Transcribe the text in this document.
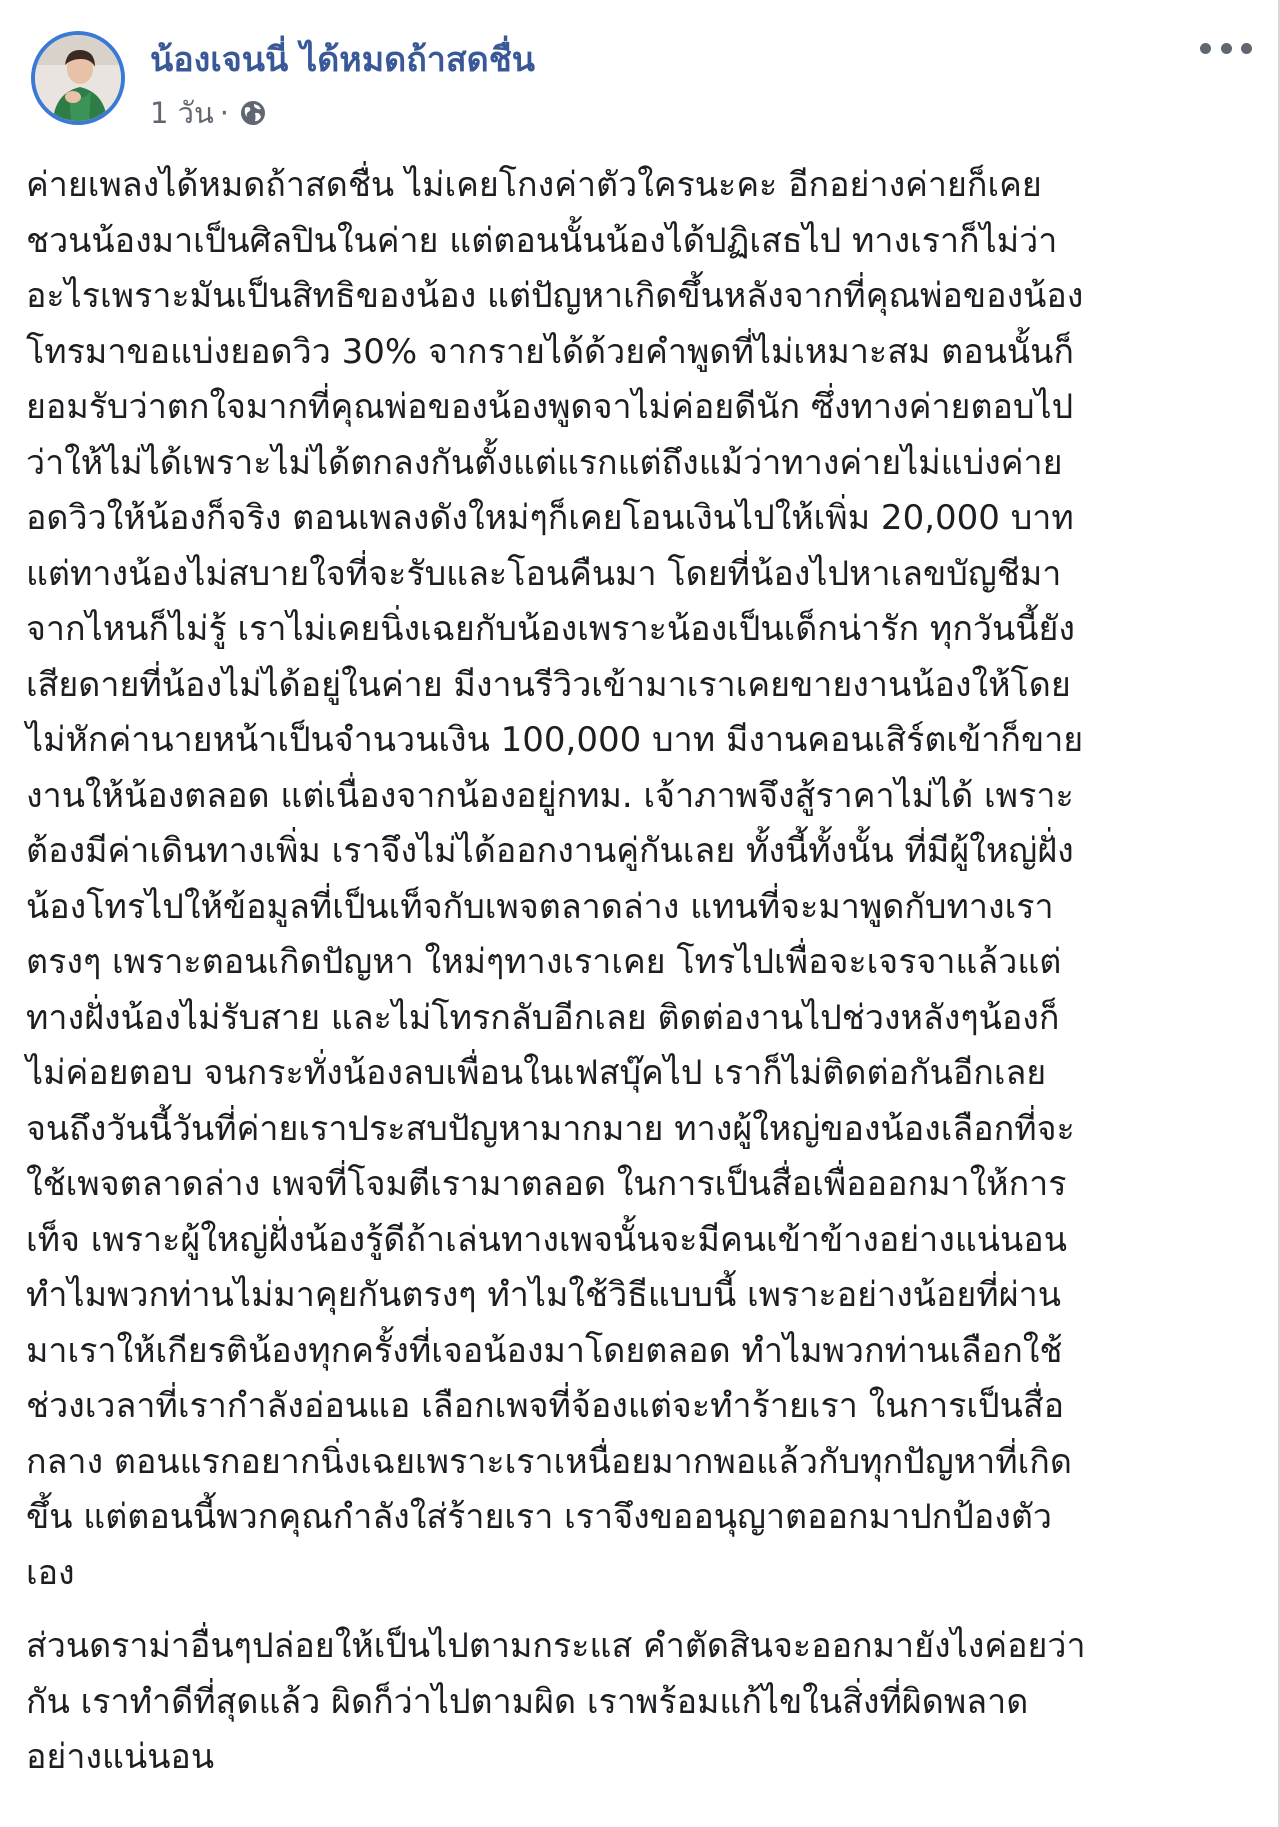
น้องเจนนี่ ได้หมดถ้าสดชื่น
1 วัน ·
ค่ายเพลงได้หมดถ้าสดชื่น ไม่เคยโกงค่าตัวใครนะคะ อีกอย่างค่ายก็เคย
ชวนน้องมาเป็นศิลปินในค่าย แต่ตอนนั้นน้องได้ปฏิเสธไป ทางเราก็ไม่ว่า
อะไรเพราะมันเป็นสิทธิของน้อง แต่ปัญหาเกิดขึ้นหลังจากที่คุณพ่อของน้อง
โทรมาขอแบ่งยอดวิว 30% จากรายได้ด้วยคำพูดที่ไม่เหมาะสม ตอนนั้นก็
ยอมรับว่าตกใจมากที่คุณพ่อของน้องพูดจาไม่ค่อยดีนัก ซึ่งทางค่ายตอบไป
ว่าให้ไม่ได้เพราะไม่ได้ตกลงกันตั้งแต่แรกแต่ถึงแม้ว่าทางค่ายไม่แบ่งค่าย
อดวิวให้น้องก็จริง ตอนเพลงดังใหม่ๆก็เคยโอนเงินไปให้เพิ่ม 20,000 บาท
แต่ทางน้องไม่สบายใจที่จะรับและโอนคืนมา โดยที่น้องไปหาเลขบัญชีมา
จากไหนก็ไม่รู้ เราไม่เคยนิ่งเฉยกับน้องเพราะน้องเป็นเด็กน่ารัก ทุกวันนี้ยัง
เสียดายที่น้องไม่ได้อยู่ในค่าย มีงานรีวิวเข้ามาเราเคยขายงานน้องให้โดย
ไม่หักค่านายหน้าเป็นจำนวนเงิน 100,000 บาท มีงานคอนเสิร์ตเข้าก็ขาย
งานให้น้องตลอด แต่เนื่องจากน้องอยู่กทม. เจ้าภาพจึงสู้ราคาไม่ได้ เพราะ
ต้องมีค่าเดินทางเพิ่ม เราจึงไม่ได้ออกงานคู่กันเลย ทั้งนี้ทั้งนั้น ที่มีผู้ใหญ่ฝั่ง
น้องโทรไปให้ข้อมูลที่เป็นเท็จกับเพจตลาดล่าง แทนที่จะมาพูดกับทางเรา
ตรงๆ เพราะตอนเกิดปัญหา ใหม่ๆทางเราเคย โทรไปเพื่อจะเจรจาแล้วแต่
ทางฝั่งน้องไม่รับสาย และไม่โทรกลับอีกเลย ติดต่องานไปช่วงหลังๆน้องก็
ไม่ค่อยตอบ จนกระทั่งน้องลบเพื่อนในเฟสบุ๊คไป เราก็ไม่ติดต่อกันอีกเลย
จนถึงวันนี้วันที่ค่ายเราประสบปัญหามากมาย ทางผู้ใหญ่ของน้องเลือกที่จะ
ใช้เพจตลาดล่าง เพจที่โจมตีเรามาตลอด ในการเป็นสื่อเพื่อออกมาให้การ
เท็จ เพราะผู้ใหญ่ฝั่งน้องรู้ดีถ้าเล่นทางเพจนั้นจะมีคนเข้าข้างอย่างแน่นอน
ทำไมพวกท่านไม่มาคุยกันตรงๆ ทำไมใช้วิธีแบบนี้ เพราะอย่างน้อยที่ผ่าน
มาเราให้เกียรติน้องทุกครั้งที่เจอน้องมาโดยตลอด ทำไมพวกท่านเลือกใช้
ช่วงเวลาที่เรากำลังอ่อนแอ เลือกเพจที่จ้องแต่จะทำร้ายเรา ในการเป็นสื่อ
กลาง ตอนแรกอยากนิ่งเฉยเพราะเราเหนื่อยมากพอแล้วกับทุกปัญหาที่เกิด
ขึ้น แต่ตอนนี้พวกคุณกำลังใส่ร้ายเรา เราจึงขออนุญาตออกมาปกป้องตัว
เอง
ส่วนดราม่าอื่นๆปล่อยให้เป็นไปตามกระแส คำตัดสินจะออกมายังไงค่อยว่า
กัน เราทำดีที่สุดแล้ว ผิดก็ว่าไปตามผิด เราพร้อมแก้ไขในสิ่งที่ผิดพลาด
อย่างแน่นอน
